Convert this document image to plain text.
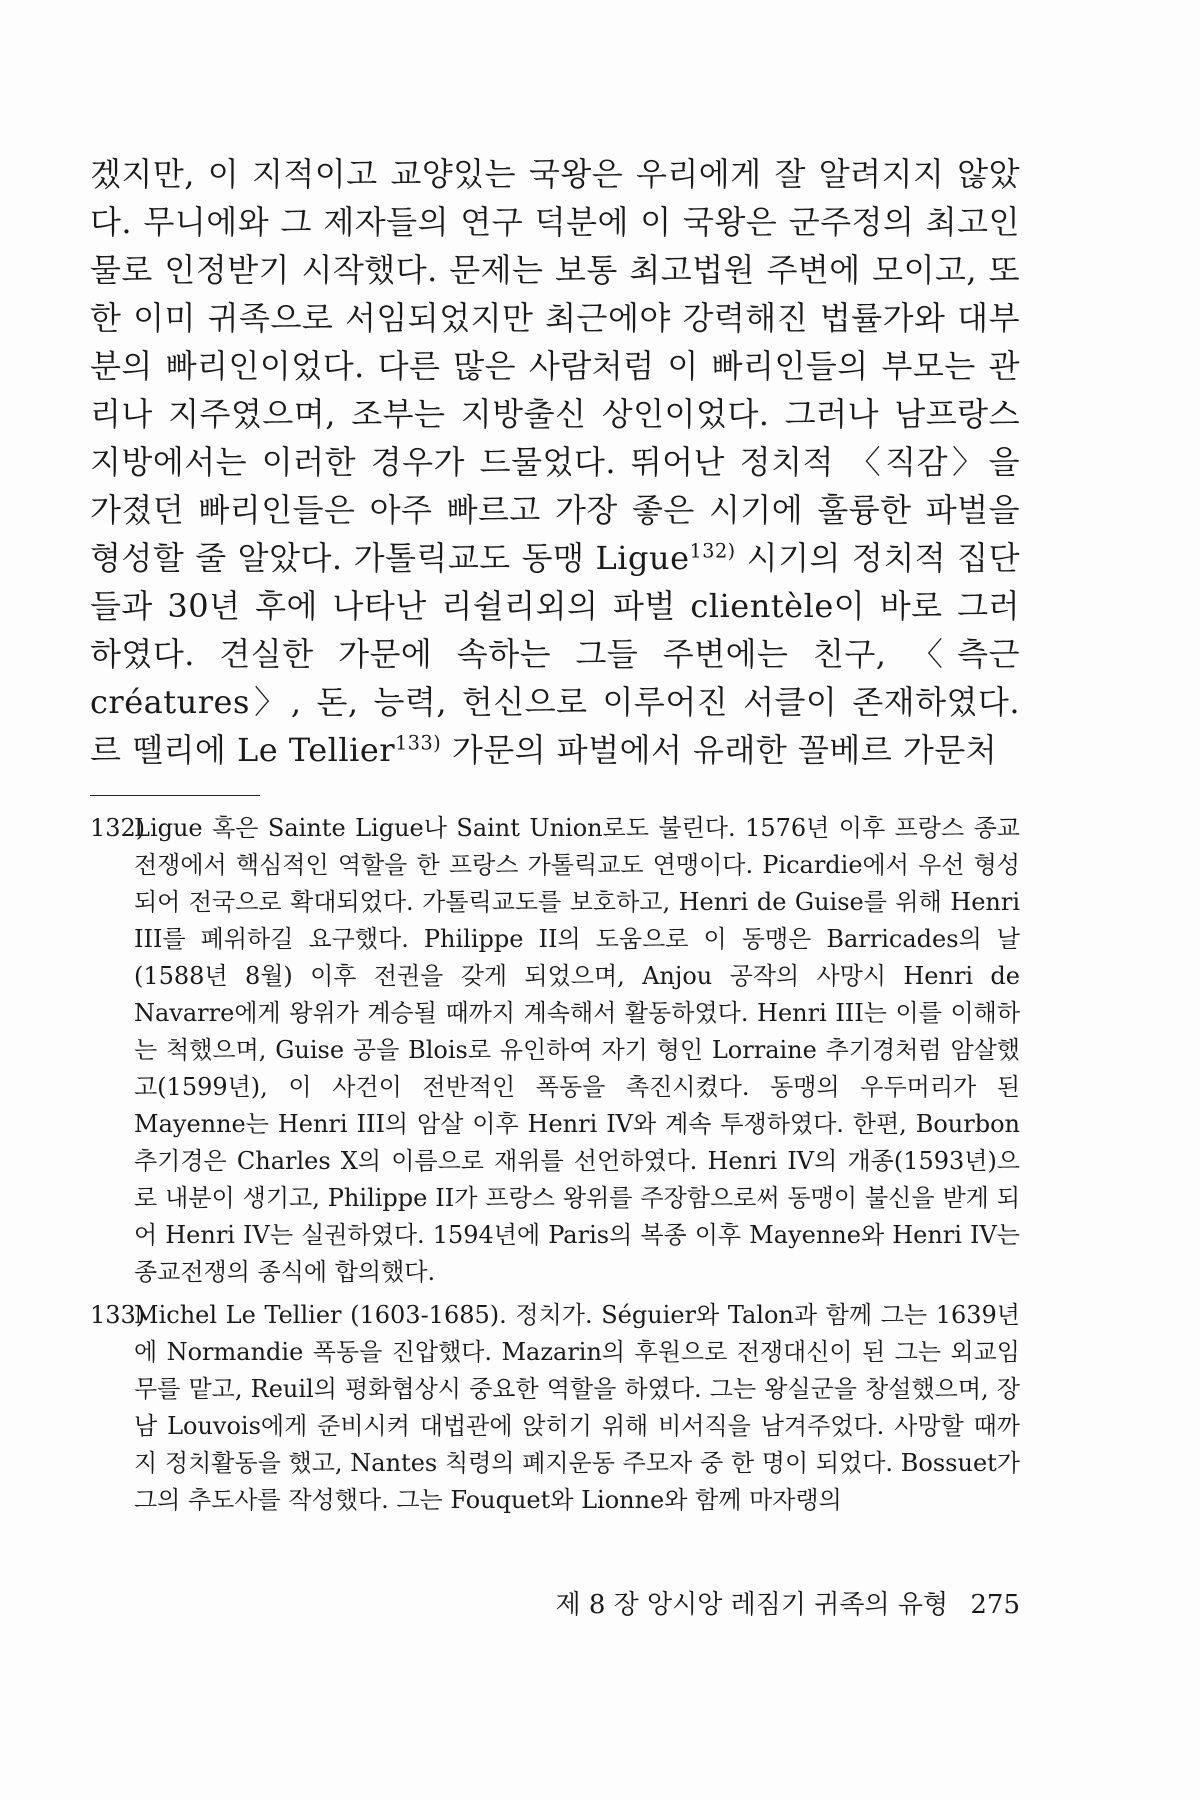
겠지만, 이 지적이고 교양있는 국왕은 우리에게 잘 알려지지 않았다. 무니에와 그 제자들의 연구 덕분에 이 국왕은 군주정의 최고인물로 인정받기 시작했다. 문제는 보통 최고법원 주변에 모이고, 또한 이미 귀족으로 서임되었지만 최근에야 강력해진 법률가와 대부분의 빠리인이었다. 다른 많은 사람처럼 이 빠리인들의 부모는 관리나 지주였으며, 조부는 지방출신 상인이었다. 그러나 남프랑스 지방에서는 이러한 경우가 드물었다. 뛰어난 정치적 〈직감〉을 가졌던 빠리인들은 아주 빠르고 가장 좋은 시기에 훌륭한 파벌을 형성할 줄 알았다. 가톨릭교도 동맹 Ligue$^{132)}$ 시기의 정치적 집단들과 30년 후에 나타난 리쉴리외의 파벌 clientèle이 바로 그러하였다. 견실한 가문에 속하는 그들 주변에는 친구, 〈측근 créatures〉, 돈, 능력, 헌신으로 이루어진 서클이 존재하였다. 르 뗄리에 Le Tellier$^{133)}$ 가문의 파벌에서 유래한 꼴베르 가문처

132)
Ligue 혹은 Sainte Ligue나 Saint Union로도 불린다. 1576년 이후 프랑스 종교전쟁에서 핵심적인 역할을 한 프랑스 가톨릭교도 연맹이다. Picardie에서 우선 형성되어 전국으로 확대되었다. 가톨릭교도를 보호하고, Henri de Guise를 위해 Henri III를 폐위하길 요구했다. Philippe II의 도움으로 이 동맹은 Barricades의 날(1588년 8월) 이후 전권을 갖게 되었으며, Anjou 공작의 사망시 Henri de Navarre에게 왕위가 계승될 때까지 계속해서 활동하였다. Henri III는 이를 이해하는 척했으며, Guise 공을 Blois로 유인하여 자기 형인 Lorraine 추기경처럼 암살했고(1599년), 이 사건이 전반적인 폭동을 촉진시켰다. 동맹의 우두머리가 된 Mayenne는 Henri III의 암살 이후 Henri IV와 계속 투쟁하였다. 한편, Bourbon 추기경은 Charles X의 이름으로 재위를 선언하였다. Henri IV의 개종(1593년)으로 내분이 생기고, Philippe II가 프랑스 왕위를 주장함으로써 동맹이 불신을 받게 되어 Henri IV는 실권하였다. 1594년에 Paris의 복종 이후 Mayenne와 Henri IV는 종교전쟁의 종식에 합의했다.

133)
Michel Le Tellier (1603-1685). 정치가. Séguier와 Talon과 함께 그는 1639년에 Normandie 폭동을 진압했다. Mazarin의 후원으로 전쟁대신이 된 그는 외교임무를 맡고, Reuil의 평화협상시 중요한 역할을 하였다. 그는 왕실군을 창설했으며, 장남 Louvois에게 준비시켜 대법관에 앉히기 위해 비서직을 남겨주었다. 사망할 때까지 정치활동을 했고, Nantes 칙령의 폐지운동 주모자 중 한 명이 되었다. Bossuet가 그의 추도사를 작성했다. 그는 Fouquet와 Lionne와 함께 마자랭의

제 8 장 앙시앙 레짐기 귀족의 유형 275
